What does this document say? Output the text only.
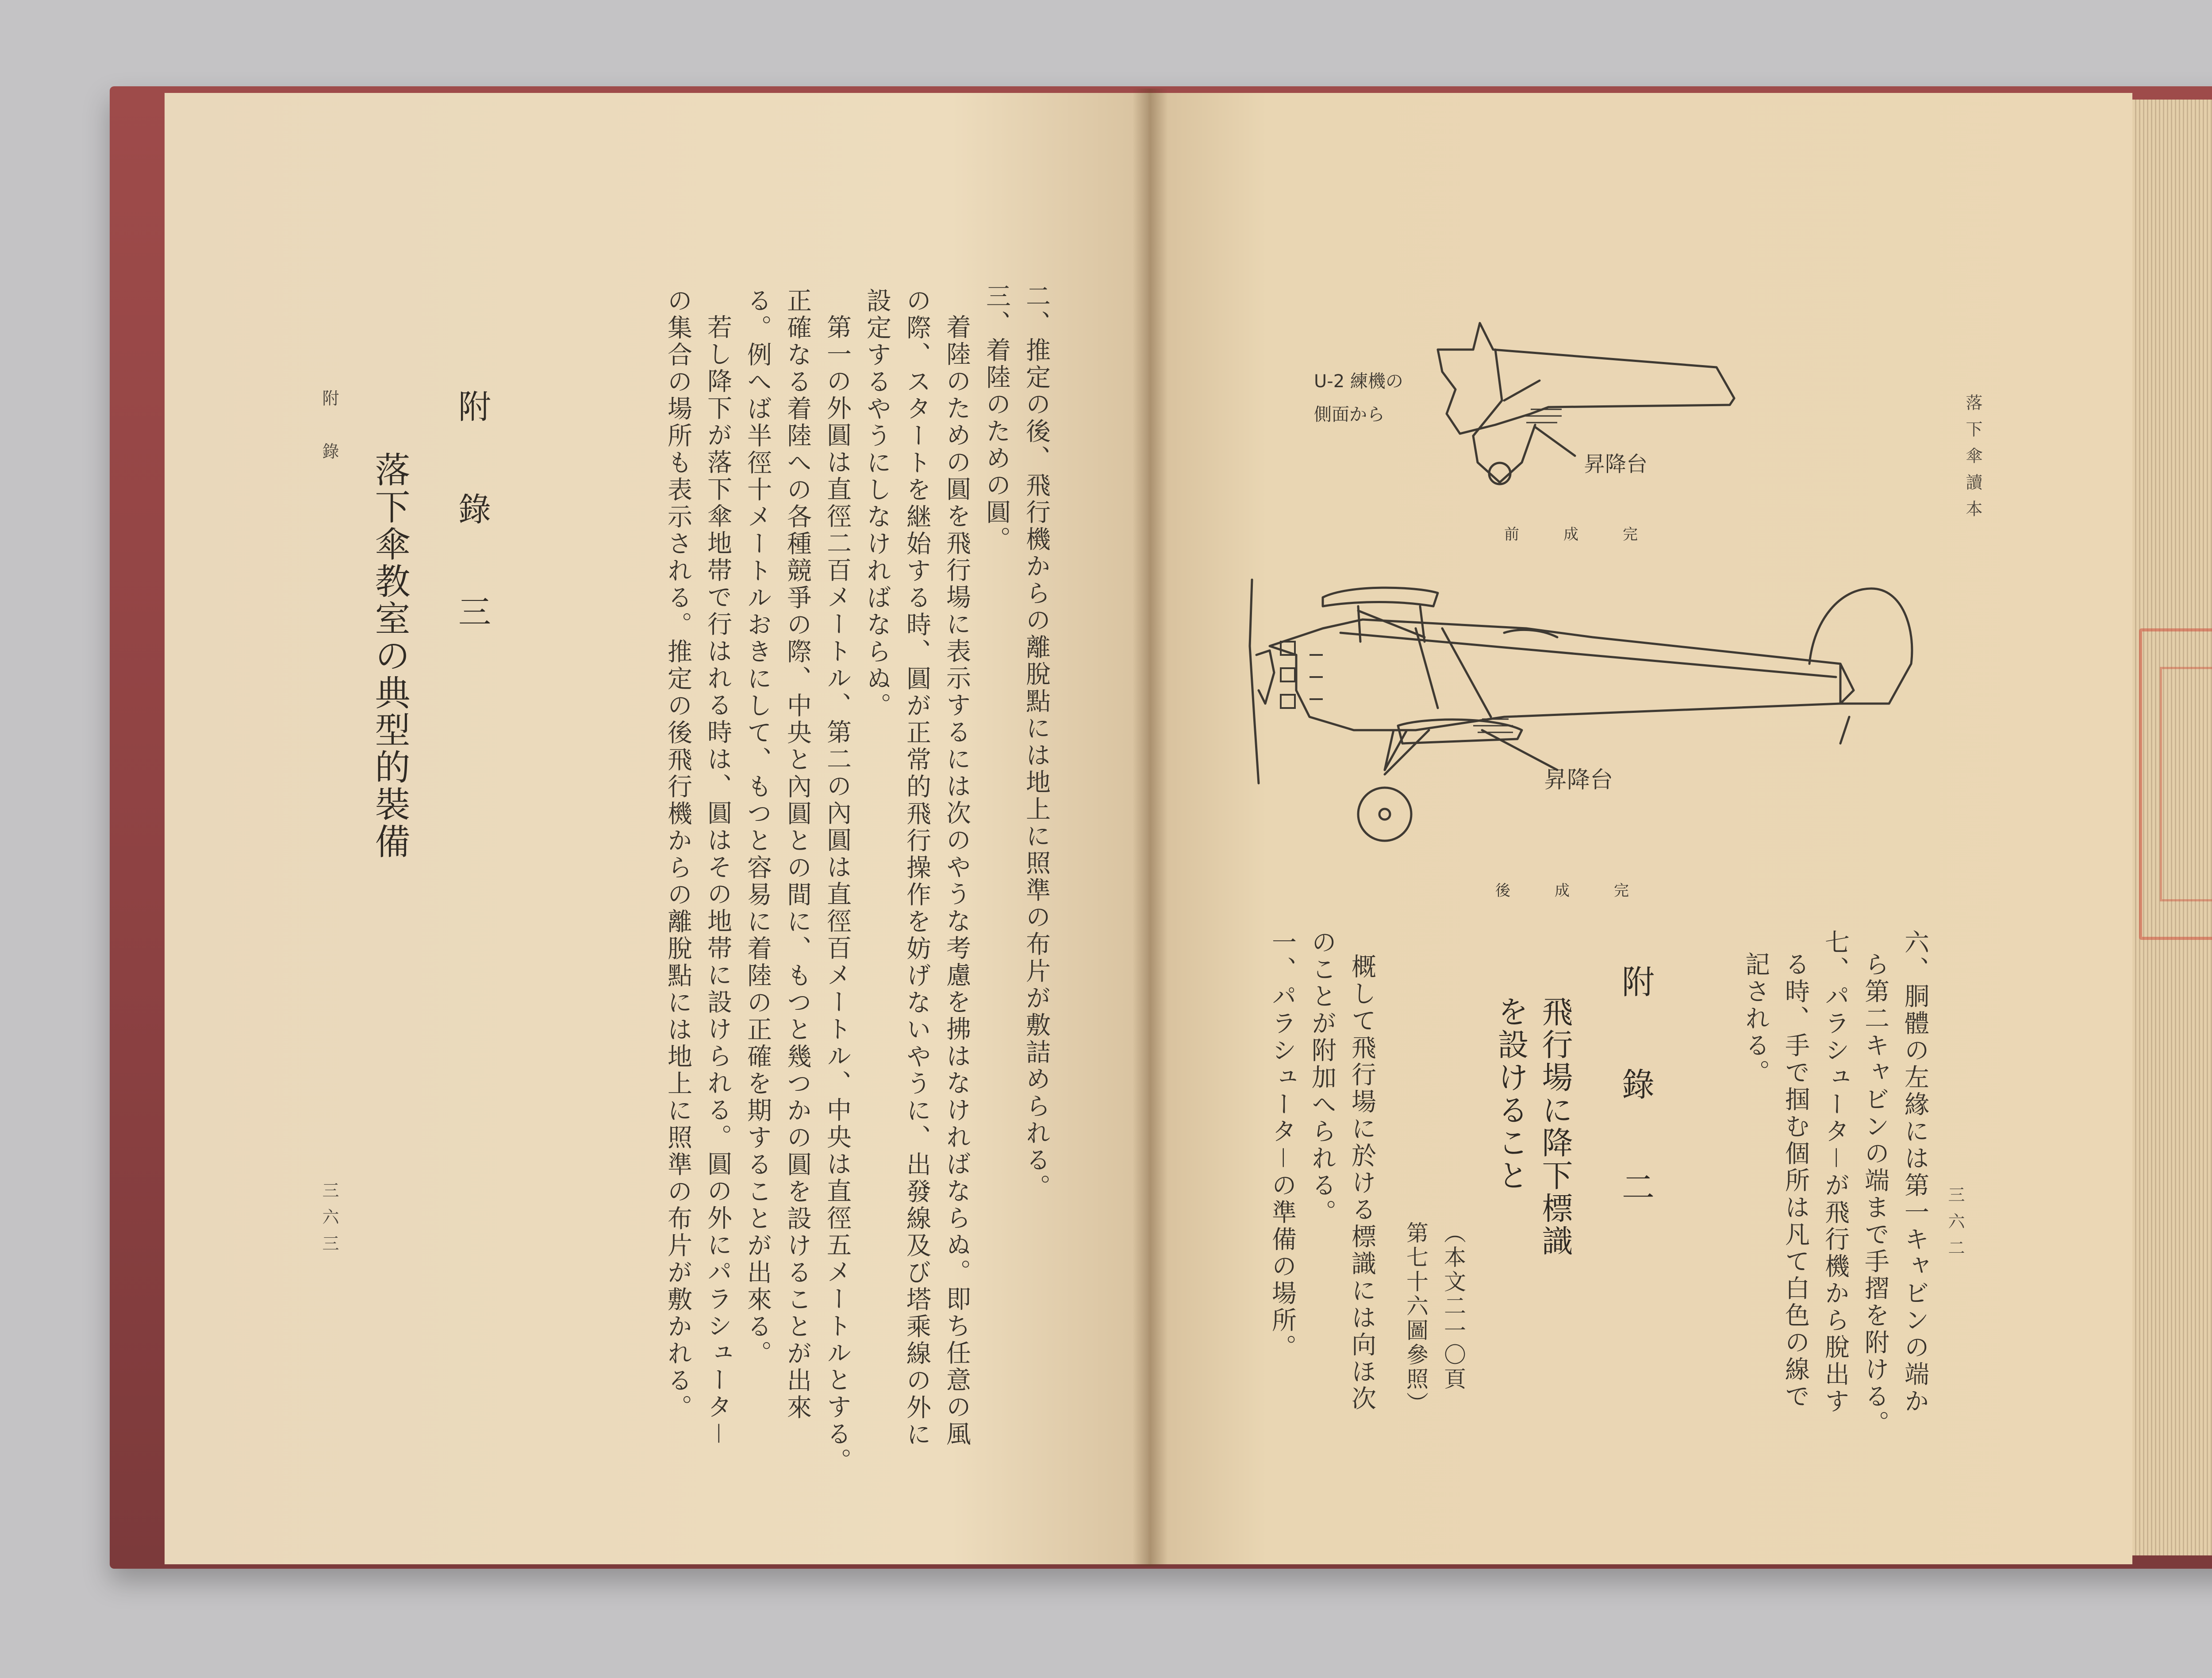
二、推定の後、飛行機からの離脫點には地上に照準の布片が敷詰められる。
三、着陸のための圓。
着陸のための圓を飛行場に表示するには次のやうな考慮を拂はなければならぬ。即ち任意の風
の際、スタートを継始する時、圓が正常的飛行操作を妨げないやうに、出發線及び塔乘線の外に
設定するやうにしなければならぬ。
第一の外圓は直徑二百メートル、第二の內圓は直徑百メートル、中央は直徑五メートルとする。
正確なる着陸への各種競爭の際、中央と內圓との間に、もつと幾つかの圓を設けることが出來
る。例へば半徑十メートルおきにして、もつと容易に着陸の正確を期することが出來る。
若し降下が落下傘地帯で行はれる時は、圓はその地帯に設けられる。圓の外にパラシュータ－
の集合の場所も表示される。推定の後飛行機からの離脫點には地上に照準の布片が敷かれる。
附　錄　三
落下傘教室の典型的裝備
附　錄
三六三
落下傘讀本
三六二
U-2 練機の
側面から
昇降台
完成前
昇降台
完成後
六、胴體の左緣には第一キャビンの端か
ら第二キャビンの端まで手摺を附ける。
七、パラシュータ－が飛行機から脫出す
る時、手で掴む個所は凡て白色の線で
記される。
附　錄　二
飛行場に降下標識
を設けること
（本文二一〇頁
第七十六圖參照）
概して飛行場に於ける標識には向ほ次
のことが附加へられる。
一、パラシュータ－の準備の場所。
